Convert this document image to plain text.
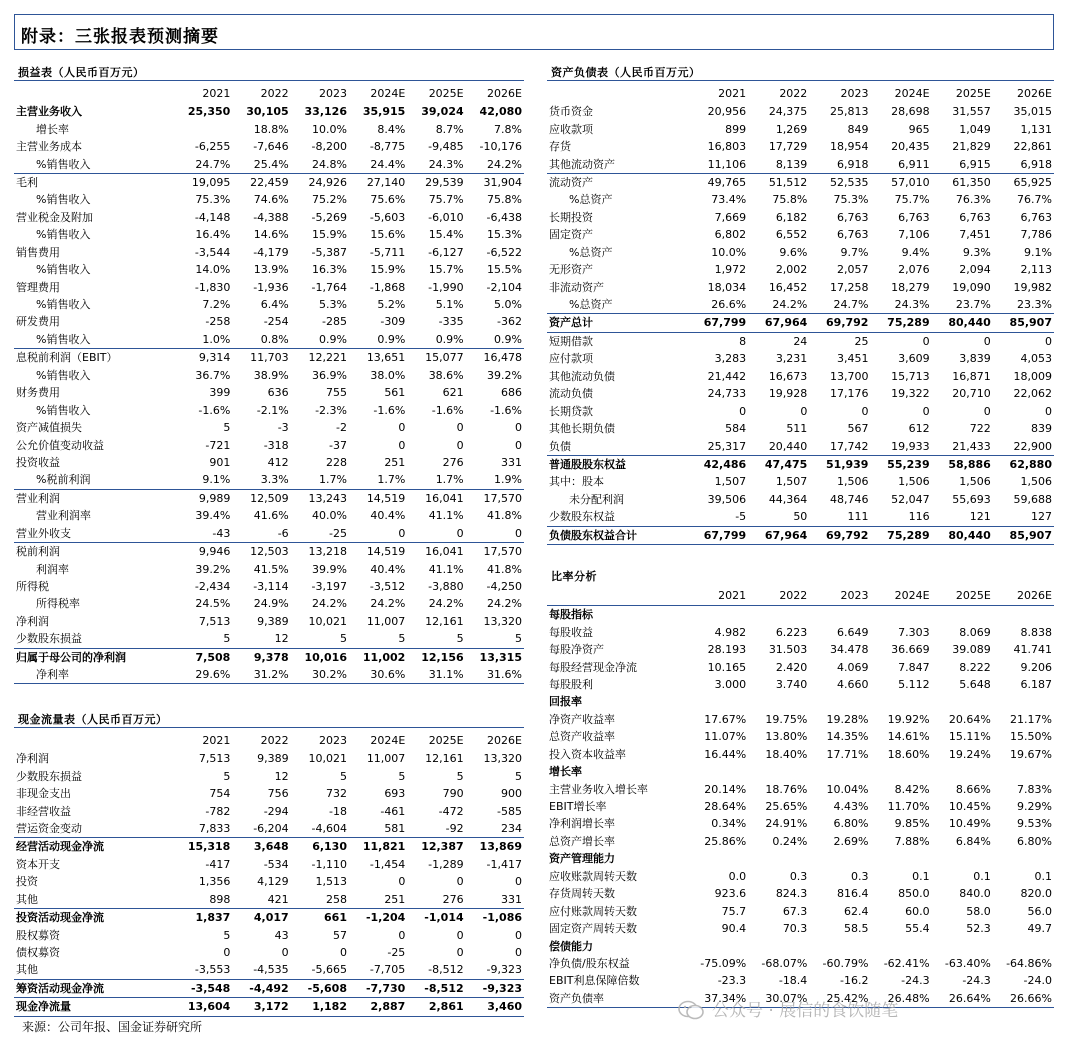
附录：三张报表预测摘要
损益表（人民币百万元）
	2021	2022	2023	2024E	2025E	2026E
主营业务收入	25,350	30,105	33,126	35,915	39,024	42,080
增长率		18.8%	10.0%	8.4%	8.7%	7.8%
主营业务成本	-6,255	-7,646	-8,200	-8,775	-9,485	-10,176
%销售收入	24.7%	25.4%	24.8%	24.4%	24.3%	24.2%
毛利	19,095	22,459	24,926	27,140	29,539	31,904
%销售收入	75.3%	74.6%	75.2%	75.6%	75.7%	75.8%
营业税金及附加	-4,148	-4,388	-5,269	-5,603	-6,010	-6,438
%销售收入	16.4%	14.6%	15.9%	15.6%	15.4%	15.3%
销售费用	-3,544	-4,179	-5,387	-5,711	-6,127	-6,522
%销售收入	14.0%	13.9%	16.3%	15.9%	15.7%	15.5%
管理费用	-1,830	-1,936	-1,764	-1,868	-1,990	-2,104
%销售收入	7.2%	6.4%	5.3%	5.2%	5.1%	5.0%
研发费用	-258	-254	-285	-309	-335	-362
%销售收入	1.0%	0.8%	0.9%	0.9%	0.9%	0.9%
息税前利润（EBIT）	9,314	11,703	12,221	13,651	15,077	16,478
%销售收入	36.7%	38.9%	36.9%	38.0%	38.6%	39.2%
财务费用	399	636	755	561	621	686
%销售收入	-1.6%	-2.1%	-2.3%	-1.6%	-1.6%	-1.6%
资产减值损失	5	-3	-2	0	0	0
公允价值变动收益	-721	-318	-37	0	0	0
投资收益	901	412	228	251	276	331
%税前利润	9.1%	3.3%	1.7%	1.7%	1.7%	1.9%
营业利润	9,989	12,509	13,243	14,519	16,041	17,570
营业利润率	39.4%	41.6%	40.0%	40.4%	41.1%	41.8%
营业外收支	-43	-6	-25	0	0	0
税前利润	9,946	12,503	13,218	14,519	16,041	17,570
利润率	39.2%	41.5%	39.9%	40.4%	41.1%	41.8%
所得税	-2,434	-3,114	-3,197	-3,512	-3,880	-4,250
所得税率	24.5%	24.9%	24.2%	24.2%	24.2%	24.2%
净利润	7,513	9,389	10,021	11,007	12,161	13,320
少数股东损益	5	12	5	5	5	5
归属于母公司的净利润	7,508	9,378	10,016	11,002	12,156	13,315
净利率	29.6%	31.2%	30.2%	30.6%	31.1%	31.6%
现金流量表（人民币百万元）
	2021	2022	2023	2024E	2025E	2026E
净利润	7,513	9,389	10,021	11,007	12,161	13,320
少数股东损益	5	12	5	5	5	5
非现金支出	754	756	732	693	790	900
非经营收益	-782	-294	-18	-461	-472	-585
营运资金变动	7,833	-6,204	-4,604	581	-92	234
经营活动现金净流	15,318	3,648	6,130	11,821	12,387	13,869
资本开支	-417	-534	-1,110	-1,454	-1,289	-1,417
投资	1,356	4,129	1,513	0	0	0
其他	898	421	258	251	276	331
投资活动现金净流	1,837	4,017	661	-1,204	-1,014	-1,086
股权募资	5	43	57	0	0	0
债权募资	0	0	0	-25	0	0
其他	-3,553	-4,535	-5,665	-7,705	-8,512	-9,323
筹资活动现金净流	-3,548	-4,492	-5,608	-7,730	-8,512	-9,323
现金净流量	13,604	3,172	1,182	2,887	2,861	3,460
资产负债表（人民币百万元）
	2021	2022	2023	2024E	2025E	2026E
货币资金	20,956	24,375	25,813	28,698	31,557	35,015
应收款项	899	1,269	849	965	1,049	1,131
存货	16,803	17,729	18,954	20,435	21,829	22,861
其他流动资产	11,106	8,139	6,918	6,911	6,915	6,918
流动资产	49,765	51,512	52,535	57,010	61,350	65,925
%总资产	73.4%	75.8%	75.3%	75.7%	76.3%	76.7%
长期投资	7,669	6,182	6,763	6,763	6,763	6,763
固定资产	6,802	6,552	6,763	7,106	7,451	7,786
%总资产	10.0%	9.6%	9.7%	9.4%	9.3%	9.1%
无形资产	1,972	2,002	2,057	2,076	2,094	2,113
非流动资产	18,034	16,452	17,258	18,279	19,090	19,982
%总资产	26.6%	24.2%	24.7%	24.3%	23.7%	23.3%
资产总计	67,799	67,964	69,792	75,289	80,440	85,907
短期借款	8	24	25	0	0	0
应付款项	3,283	3,231	3,451	3,609	3,839	4,053
其他流动负债	21,442	16,673	13,700	15,713	16,871	18,009
流动负债	24,733	19,928	17,176	19,322	20,710	22,062
长期贷款	0	0	0	0	0	0
其他长期负债	584	511	567	612	722	839
负债	25,317	20,440	17,742	19,933	21,433	22,900
普通股股东权益	42,486	47,475	51,939	55,239	58,886	62,880
其中：股本	1,507	1,507	1,506	1,506	1,506	1,506
未分配利润	39,506	44,364	48,746	52,047	55,693	59,688
少数股东权益	-5	50	111	116	121	127
负债股东权益合计	67,799	67,964	69,792	75,289	80,440	85,907
比率分析
	2021	2022	2023	2024E	2025E	2026E
每股指标						
每股收益	4.982	6.223	6.649	7.303	8.069	8.838
每股净资产	28.193	31.503	34.478	36.669	39.089	41.741
每股经营现金净流	10.165	2.420	4.069	7.847	8.222	9.206
每股股利	3.000	3.740	4.660	5.112	5.648	6.187
回报率						
净资产收益率	17.67%	19.75%	19.28%	19.92%	20.64%	21.17%
总资产收益率	11.07%	13.80%	14.35%	14.61%	15.11%	15.50%
投入资本收益率	16.44%	18.40%	17.71%	18.60%	19.24%	19.67%
增长率						
主营业务收入增长率	20.14%	18.76%	10.04%	8.42%	8.66%	7.83%
EBIT增长率	28.64%	25.65%	4.43%	11.70%	10.45%	9.29%
净利润增长率	0.34%	24.91%	6.80%	9.85%	10.49%	9.53%
总资产增长率	25.86%	0.24%	2.69%	7.88%	6.84%	6.80%
资产管理能力						
应收账款周转天数	0.0	0.3	0.3	0.1	0.1	0.1
存货周转天数	923.6	824.3	816.4	850.0	840.0	820.0
应付账款周转天数	75.7	67.3	62.4	60.0	58.0	56.0
固定资产周转天数	90.4	70.3	58.5	55.4	52.3	49.7
偿债能力						
净负债/股东权益	-75.09%	-68.07%	-60.79%	-62.41%	-63.40%	-64.86%
EBIT利息保障倍数	-23.3	-18.4	-16.2	-24.3	-24.3	-24.0
资产负债率	37.34%	30.07%	25.42%	26.48%	26.64%	26.66%
来源：公司年报、国金证券研究所
公众号 · 展信的食饮随笔
